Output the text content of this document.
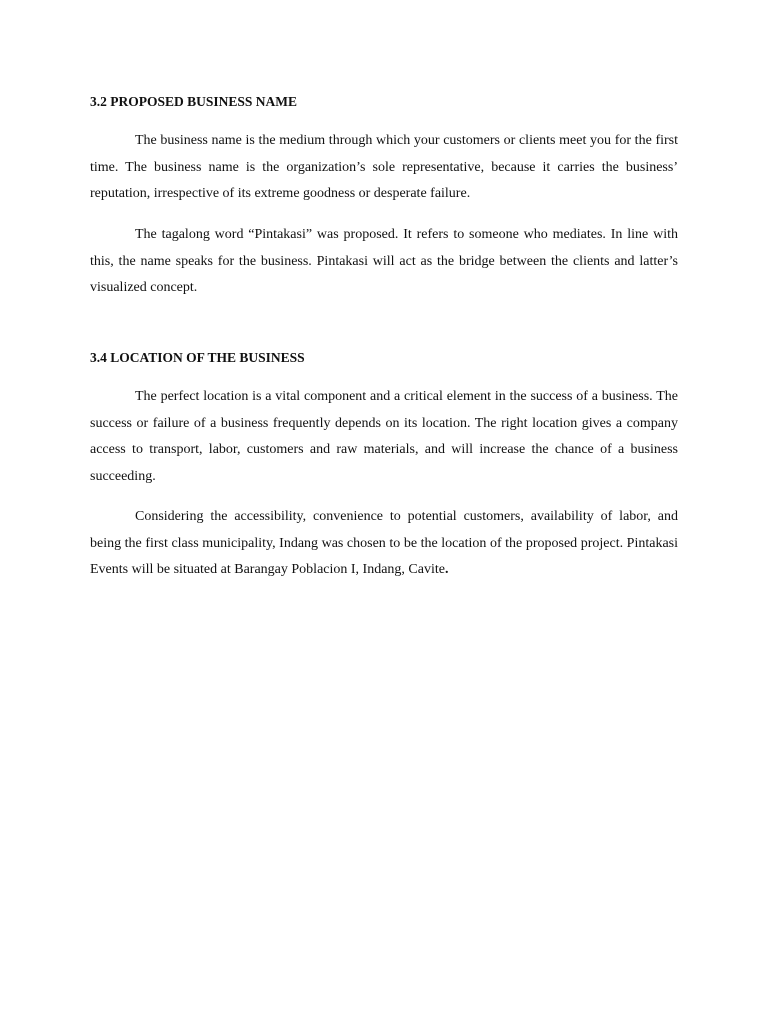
3.2 PROPOSED BUSINESS NAME

The business name is the medium through which your customers or clients meet you for the first time. The business name is the organization’s sole representative, because it carries the business’ reputation, irrespective of its extreme goodness or desperate failure.

The tagalong word “Pintakasi” was proposed. It refers to someone who mediates. In line with this, the name speaks for the business. Pintakasi will act as the bridge between the clients and latter’s visualized concept.

3.4 LOCATION OF THE BUSINESS

The perfect location is a vital component and a critical element in the success of a business. The success or failure of a business frequently depends on its location. The right location gives a company access to transport, labor, customers and raw materials, and will increase the chance of a business succeeding.

Considering the accessibility, convenience to potential customers, availability of labor, and being the first class municipality, Indang was chosen to be the location of the proposed project. Pintakasi Events will be situated at Barangay Poblacion I, Indang, Cavite.
